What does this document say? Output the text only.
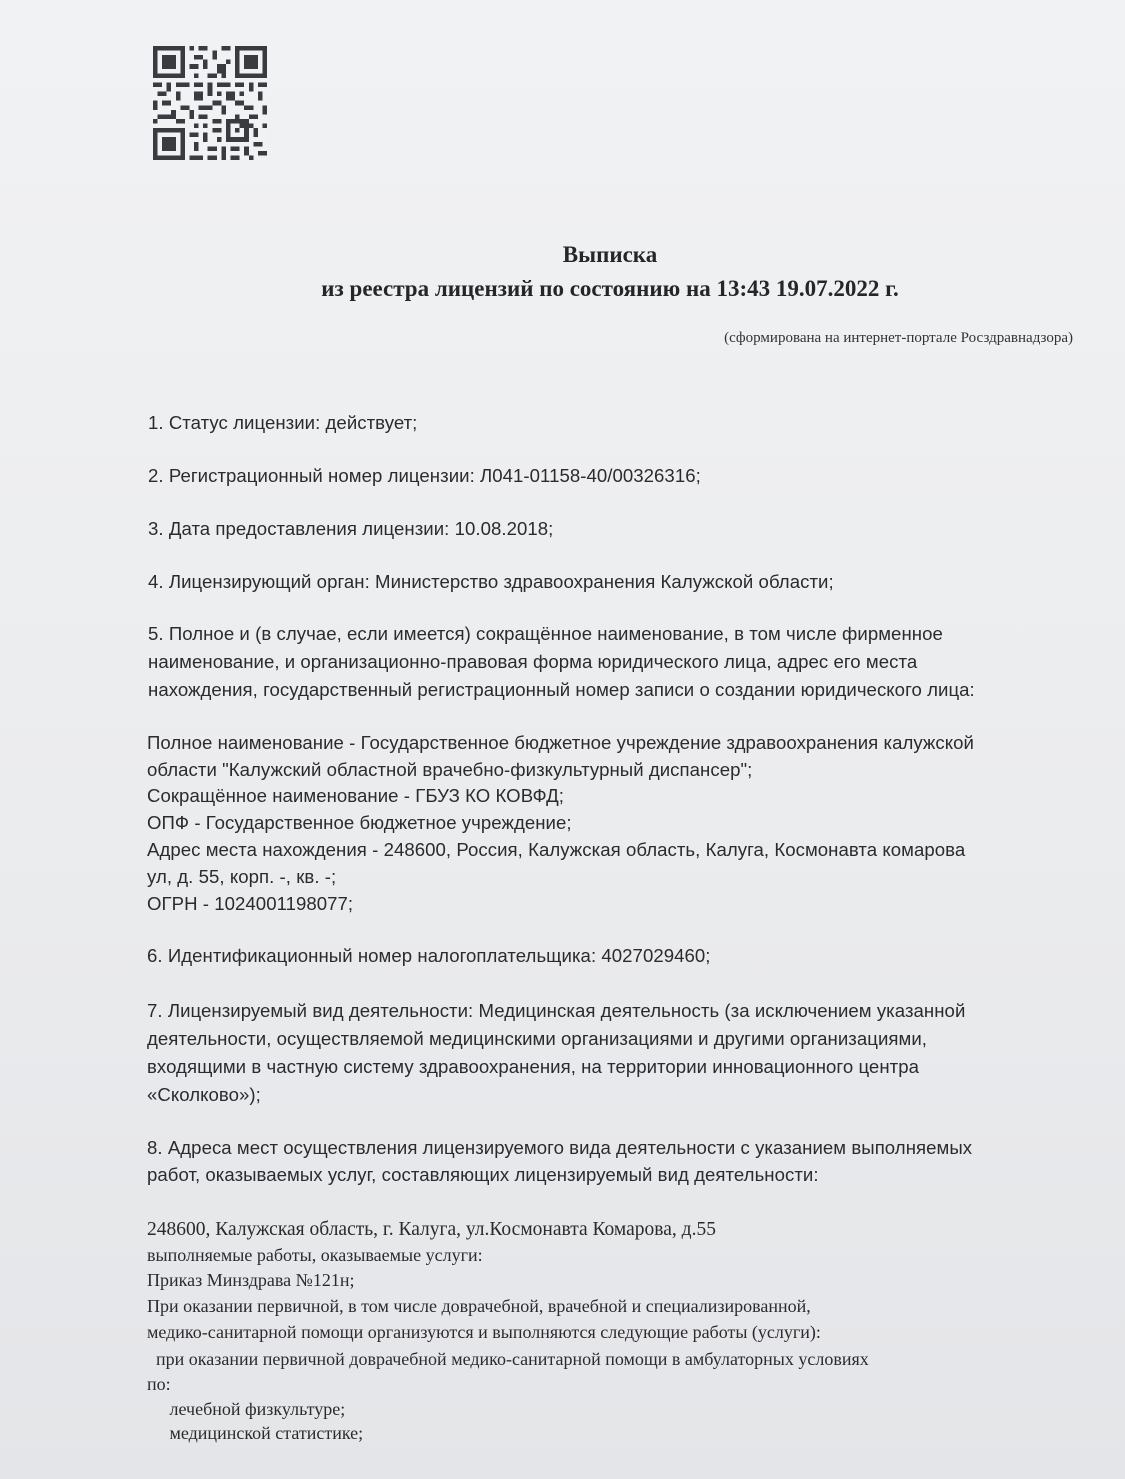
Выписка
из реестра лицензий по состоянию на 13:43 19.07.2022 г.
(сформирована на интернет-портале Росздравнадзора)
1. Статус лицензии: действует;
2. Регистрационный номер лицензии: Л041-01158-40/00326316;
3. Дата предоставления лицензии: 10.08.2018;
4. Лицензирующий орган: Министерство здравоохранения Калужской области;
5. Полное и (в случае, если имеется) сокращённое наименование, в том числе фирменное
наименование, и организационно-правовая форма юридического лица, адрес его места
нахождения, государственный регистрационный номер записи о создании юридического лица:
Полное наименование - Государственное бюджетное учреждение здравоохранения калужской
области "Калужский областной врачебно-физкультурный диспансер";
Сокращённое наименование - ГБУЗ КО КОВФД;
ОПФ - Государственное бюджетное учреждение;
Адрес места нахождения - 248600, Россия, Калужская область, Калуга, Космонавта комарова
ул, д. 55, корп. -, кв. -;
ОГРН - 1024001198077;
6. Идентификационный номер налогоплательщика: 4027029460;
7. Лицензируемый вид деятельности: Медицинская деятельность (за исключением указанной
деятельности, осуществляемой медицинскими организациями и другими организациями,
входящими в частную систему здравоохранения, на территории инновационного центра
«Сколково»);
8. Адреса мест осуществления лицензируемого вида деятельности с указанием выполняемых
работ, оказываемых услуг, составляющих лицензируемый вид деятельности:
248600, Калужская область, г. Калуга, ул.Космонавта Комарова, д.55
выполняемые работы, оказываемые услуги:
Приказ Минздрава №121н;
При оказании первичной, в том числе доврачебной, врачебной и специализированной,
медико-санитарной помощи организуются и выполняются следующие работы (услуги):
при оказании первичной доврачебной медико-санитарной помощи в амбулаторных условиях
по:
лечебной физкультуре;
медицинской статистике;
